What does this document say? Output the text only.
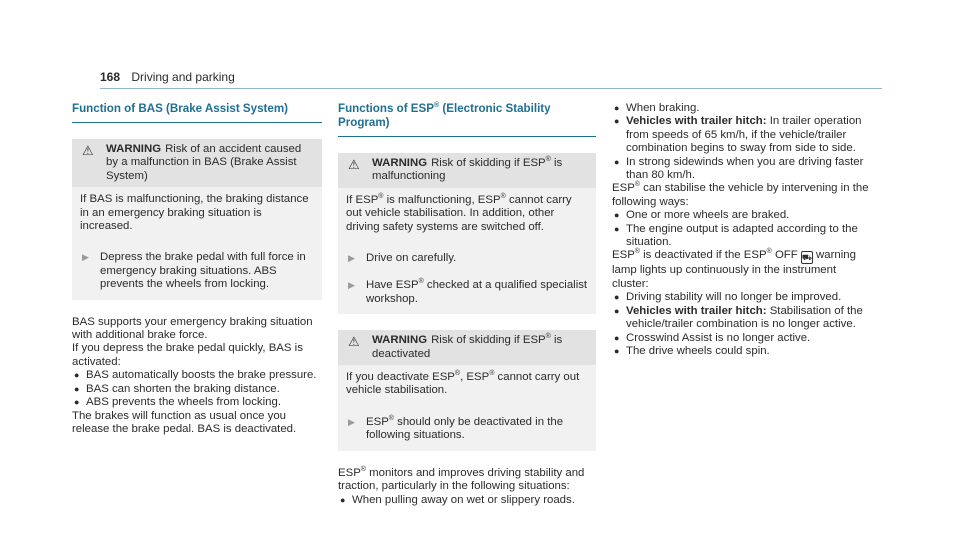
168 Driving and parking
Function of BAS (Brake Assist System)
⚠ WARNING Risk of an accident caused by a malfunction in BAS (Brake Assist System)

If BAS is malfunctioning, the braking distance in an emergency braking situation is increased.

▶ Depress the brake pedal with full force in emergency braking situations. ABS prevents the wheels from locking.

BAS supports your emergency braking situation with additional brake force.

If you depress the brake pedal quickly, BAS is activated:

● BAS automatically boosts the brake pressure.
● BAS can shorten the braking distance.
● ABS prevents the wheels from locking.

The brakes will function as usual once you release the brake pedal. BAS is deactivated.

Functions of ESP® (Electronic Stability Program)
⚠ WARNING Risk of skidding if ESP® is malfunctioning

If ESP® is malfunctioning, ESP® cannot carry out vehicle stabilisation. In addition, other driving safety systems are switched off.

▶ Drive on carefully.
▶ Have ESP® checked at a qualified specialist workshop.
⚠ WARNING Risk of skidding if ESP® is deactivated

If you deactivate ESP®, ESP® cannot carry out vehicle stabilisation.

▶ ESP® should only be deactivated in the following situations.

ESP® monitors and improves driving stability and traction, particularly in the following situations:

● When pulling away on wet or slippery roads.
● When braking.
● Vehicles with trailer hitch: In trailer operation from speeds of 65 km/h, if the vehicle/trailer combination begins to sway from side to side.
● In strong sidewinds when you are driving faster than 80 km/h.

ESP® can stabilise the vehicle by intervening in the following ways:

● One or more wheels are braked.
● The engine output is adapted according to the situation.

ESP® is deactivated if the ESP® OFF ⛟ warning lamp lights up continuously in the instrument cluster:

● Driving stability will no longer be improved.
● Vehicles with trailer hitch: Stabilisation of the vehicle/trailer combination is no longer active.
● Crosswind Assist is no longer active.
● The drive wheels could spin.
